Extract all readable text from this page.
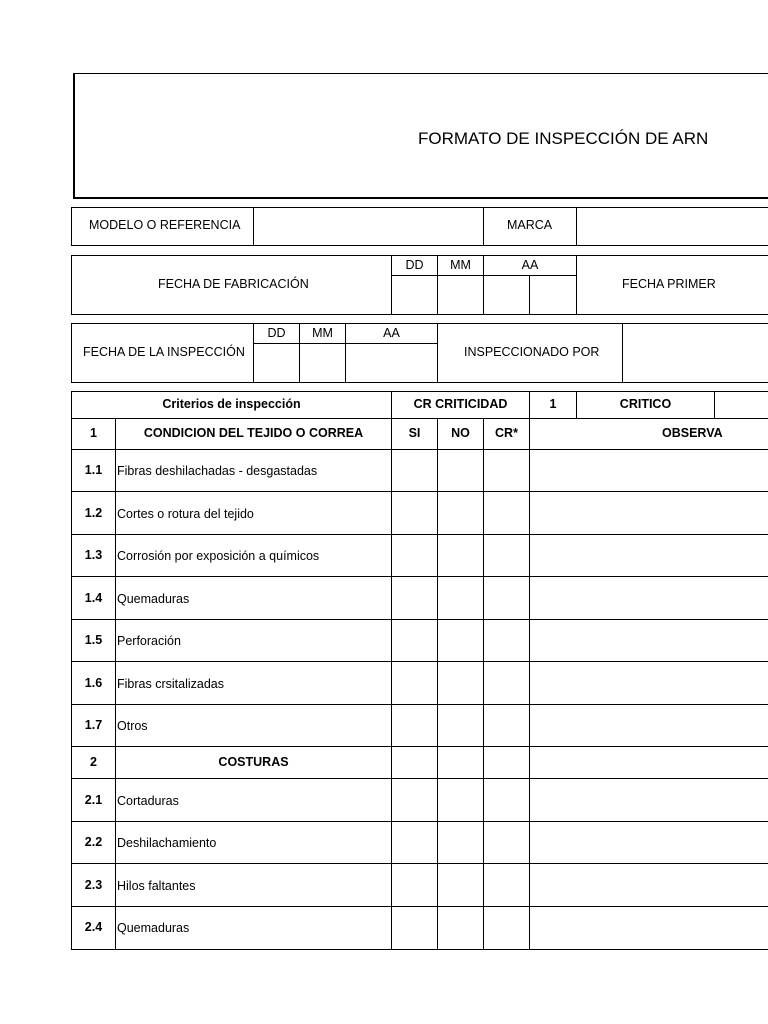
FORMATO DE INSPECCIÓN DE ARN
MODELO O REFERENCIA	MARCA
FECHA DE FABRICACIÓN
DD	MM	AA
FECHA PRIMER
FECHA DE LA INSPECCIÓN
DD	MM	AA
INSPECCIONADO POR
Criterios de inspección	CR CRITICIDAD	1	CRITICO
1	CONDICION DEL TEJIDO O CORREA	SI	NO	CR*	OBSERVA
1.1	Fibras deshilachadas - desgastadas
1.2	Cortes o rotura del tejido
1.3	Corrosión por exposición a químicos
1.4	Quemaduras
1.5	Perforación
1.6	Fibras crsitalizadas
1.7	Otros
2	COSTURAS
2.1	Cortaduras
2.2	Deshilachamiento
2.3	Hilos faltantes
2.4	Quemaduras
